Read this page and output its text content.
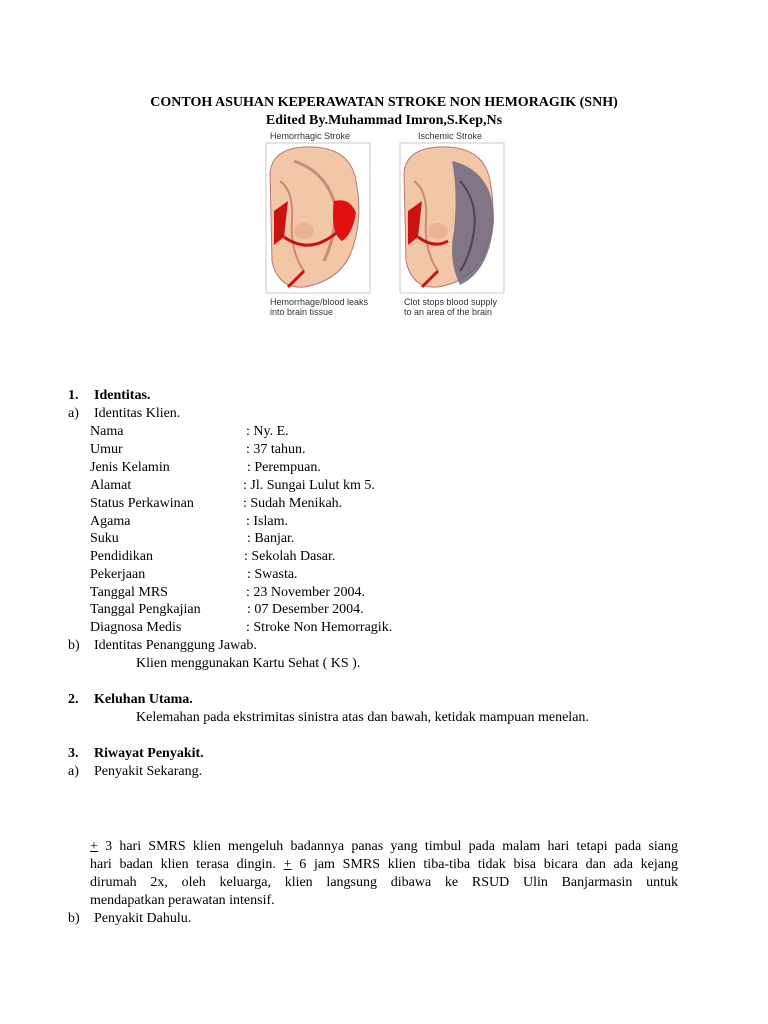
CONTOH ASUHAN KEPERAWATAN STROKE NON HEMORAGIK (SNH)
Edited By.Muhammad Imron,S.Kep,Ns
Hemorrhagic Stroke	Ischemic Stroke
Hemorrhage/blood leaks
into brain tissue
Clot stops blood supply
to an area of the brain
1. Identitas.
a) Identitas Klien.
Nama	: Ny. E.
Umur	: 37 tahun.
Jenis Kelamin	: Perempuan.
Alamat	: Jl. Sungai Lulut km 5.
Status Perkawinan	: Sudah Menikah.
Agama	: Islam.
Suku	: Banjar.
Pendidikan	: Sekolah Dasar.
Pekerjaan	: Swasta.
Tanggal MRS	: 23 November 2004.
Tanggal Pengkajian	: 07 Desember 2004.
Diagnosa Medis	: Stroke Non Hemorragik.
b) Identitas Penanggung Jawab.
Klien menggunakan Kartu Sehat ( KS ).
2. Keluhan Utama.
Kelemahan pada ekstrimitas sinistra atas dan bawah, ketidak mampuan menelan.
3. Riwayat Penyakit.
a) Penyakit Sekarang.
+ 3 hari SMRS klien mengeluh badannya panas yang timbul pada malam hari tetapi pada siang
hari badan klien terasa dingin. + 6 jam SMRS klien tiba-tiba tidak bisa bicara dan ada kejang
dirumah 2x, oleh keluarga, klien langsung dibawa ke RSUD Ulin Banjarmasin untuk
mendapatkan perawatan intensif.
b) Penyakit Dahulu.
